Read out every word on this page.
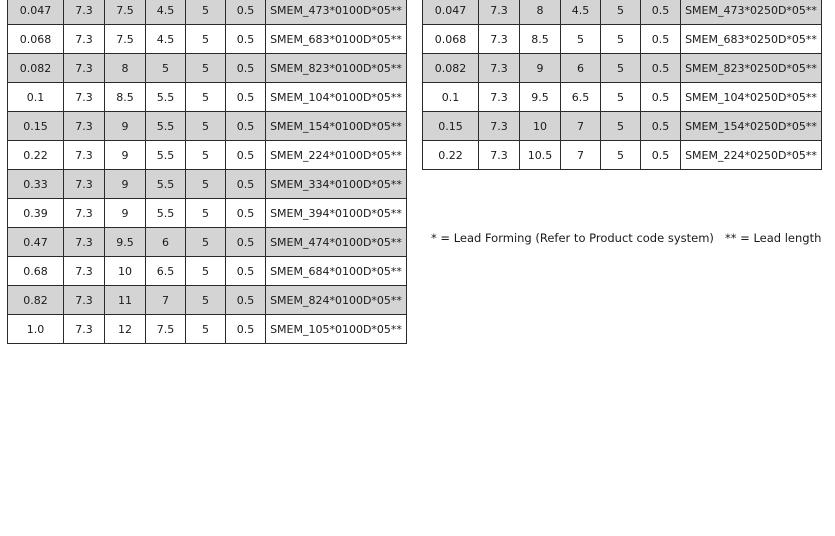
0.047	7.3	7.5	4.5	5	0.5	SMEM_473*0100D*05**
0.068	7.3	7.5	4.5	5	0.5	SMEM_683*0100D*05**
0.082	7.3	8	5	5	0.5	SMEM_823*0100D*05**
0.1	7.3	8.5	5.5	5	0.5	SMEM_104*0100D*05**
0.15	7.3	9	5.5	5	0.5	SMEM_154*0100D*05**
0.22	7.3	9	5.5	5	0.5	SMEM_224*0100D*05**
0.33	7.3	9	5.5	5	0.5	SMEM_334*0100D*05**
0.39	7.3	9	5.5	5	0.5	SMEM_394*0100D*05**
0.47	7.3	9.5	6	5	0.5	SMEM_474*0100D*05**
0.68	7.3	10	6.5	5	0.5	SMEM_684*0100D*05**
0.82	7.3	11	7	5	0.5	SMEM_824*0100D*05**
1.0	7.3	12	7.5	5	0.5	SMEM_105*0100D*05**
0.047	7.3	8	4.5	5	0.5	SMEM_473*0250D*05**
0.068	7.3	8.5	5	5	0.5	SMEM_683*0250D*05**
0.082	7.3	9	6	5	0.5	SMEM_823*0250D*05**
0.1	7.3	9.5	6.5	5	0.5	SMEM_104*0250D*05**
0.15	7.3	10	7	5	0.5	SMEM_154*0250D*05**
0.22	7.3	10.5	7	5	0.5	SMEM_224*0250D*05**
* = Lead Forming (Refer to Product code system) ** = Lead length
